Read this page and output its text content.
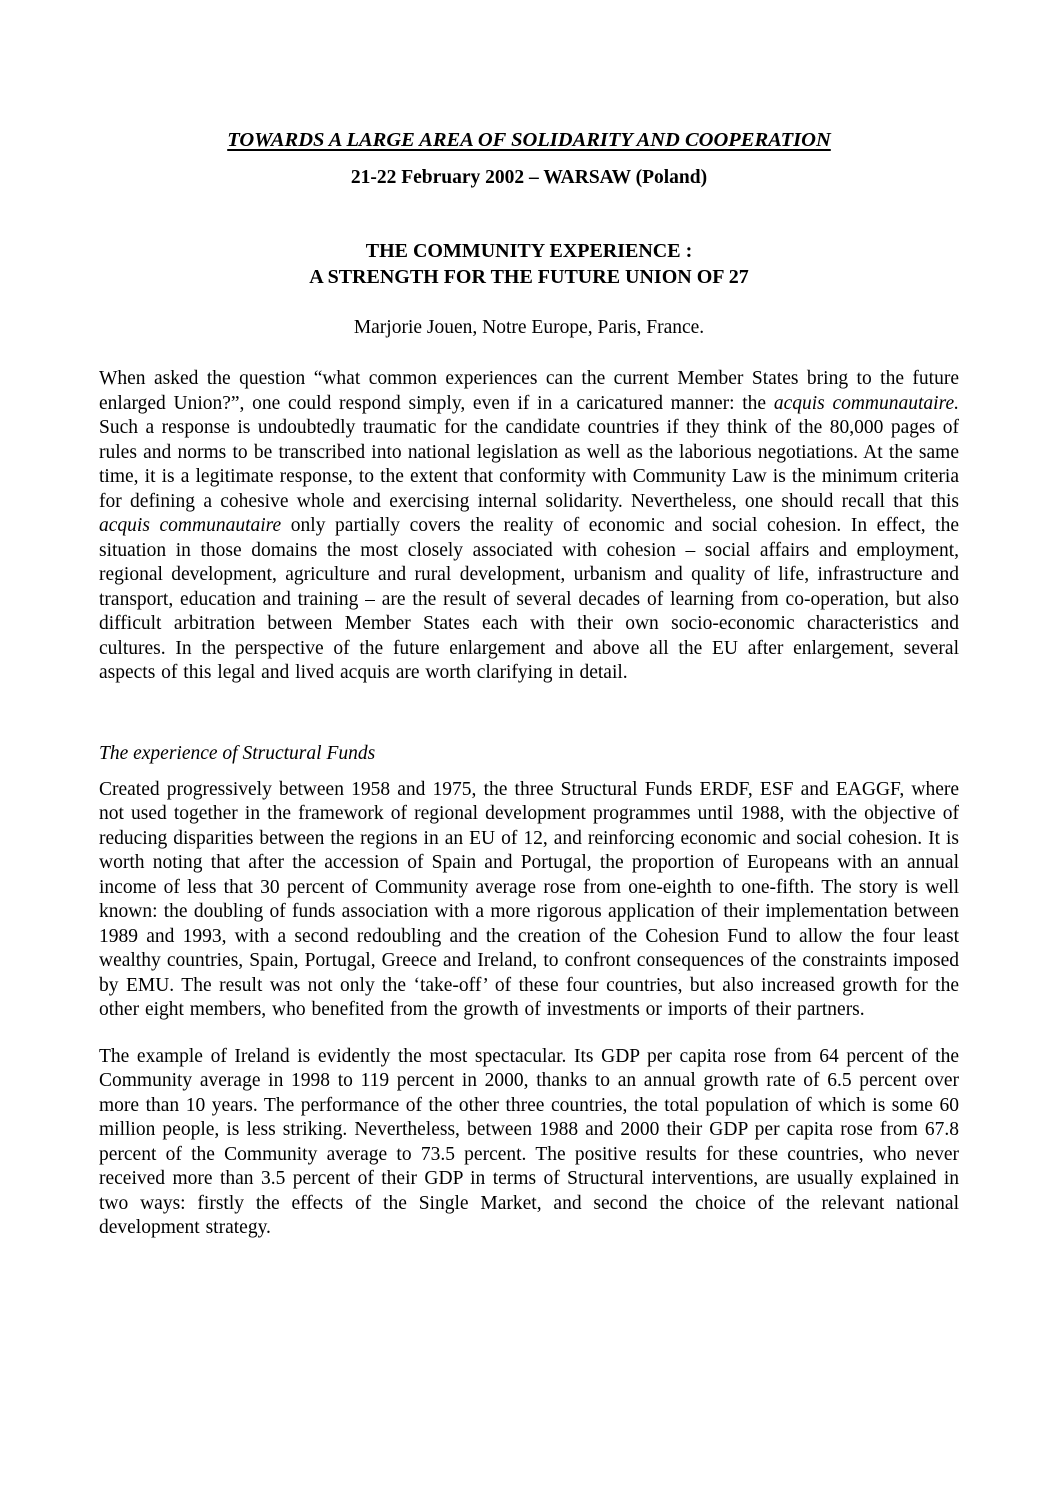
TOWARDS A LARGE AREA OF SOLIDARITY AND COOPERATION

21-22 February 2002 – WARSAW (Poland)

THE COMMUNITY EXPERIENCE :
A STRENGTH FOR THE FUTURE UNION OF 27

Marjorie Jouen, Notre Europe, Paris, France.

When asked the question “what common experiences can the current Member States bring to the future enlarged Union?”, one could respond simply, even if in a caricatured manner: the acquis communautaire. Such a response is undoubtedly traumatic for the candidate countries if they think of the 80,000 pages of rules and norms to be transcribed into national legislation as well as the laborious negotiations. At the same time, it is a legitimate response, to the extent that conformity with Community Law is the minimum criteria for defining a cohesive whole and exercising internal solidarity. Nevertheless, one should recall that this acquis communautaire only partially covers the reality of economic and social cohesion. In effect, the situation in those domains the most closely associated with cohesion – social affairs and employment, regional development, agriculture and rural development, urbanism and quality of life, infrastructure and transport, education and training – are the result of several decades of learning from co-operation, but also difficult arbitration between Member States each with their own socio-economic characteristics and cultures. In the perspective of the future enlargement and above all the EU after enlargement, several aspects of this legal and lived acquis are worth clarifying in detail.

The experience of Structural Funds

Created progressively between 1958 and 1975, the three Structural Funds ERDF, ESF and EAGGF, where not used together in the framework of regional development programmes until 1988, with the objective of reducing disparities between the regions in an EU of 12, and reinforcing economic and social cohesion. It is worth noting that after the accession of Spain and Portugal, the proportion of Europeans with an annual income of less that 30 percent of Community average rose from one-eighth to one-fifth. The story is well known: the doubling of funds association with a more rigorous application of their implementation between 1989 and 1993, with a second redoubling and the creation of the Cohesion Fund to allow the four least wealthy countries, Spain, Portugal, Greece and Ireland, to confront consequences of the constraints imposed by EMU. The result was not only the ‘take-off’ of these four countries, but also increased growth for the other eight members, who benefited from the growth of investments or imports of their partners.

The example of Ireland is evidently the most spectacular. Its GDP per capita rose from 64 percent of the Community average in 1998 to 119 percent in 2000, thanks to an annual growth rate of 6.5 percent over more than 10 years. The performance of the other three countries, the total population of which is some 60 million people, is less striking. Nevertheless, between 1988 and 2000 their GDP per capita rose from 67.8 percent of the Community average to 73.5 percent. The positive results for these countries, who never received more than 3.5 percent of their GDP in terms of Structural interventions, are usually explained in two ways: firstly the effects of the Single Market, and second the choice of the relevant national development strategy.
